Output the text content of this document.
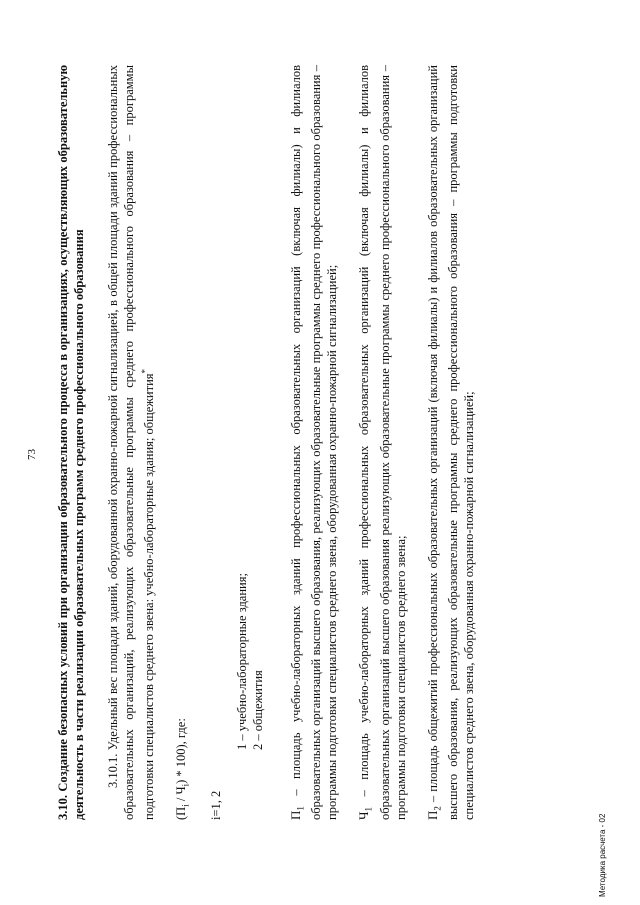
73 3.10. Создание безопасных условий при организации образовательного процесса в организациях, осуществляющих образовательную деятельность в части реализации образовательных программ среднего профессионального образования 3.10.1. Удельный вес площади зданий, оборудованной охранно-пожарной сигнализацией, в общей площади зданий профессиональных образовательных организаций, реализующих образовательные программы среднего профессионального образования – программы подготовки специалистов среднего звена: учебно-лабораторные здания; общежития*

$(П_i / Ч_i) * 100$), где:
i=1, 2
1 – учебно-лабораторные здания; 2 – общежития
$П_1$ – площадь учебно-лабораторных зданий профессиональных образовательных организаций (включая филиалы) и филиалов образовательных организаций высшего образования, реализующих образовательные программы среднего профессионального образования – программы подготовки специалистов среднего звена, оборудованная охранно-пожарной сигнализацией; $Ч_1$ – площадь учебно-лабораторных зданий профессиональных образовательных организаций (включая филиалы) и филиалов образовательных организаций высшего образования реализующих образовательные программы среднего профессионального образования – программы подготовки специалистов среднего звена; $П_2$ – площадь общежитий профессиональных образовательных организаций (включая филиалы) и филиалов образовательных организаций высшего образования, реализующих образовательные программы среднего профессионального образования – программы подготовки специалистов среднего звена, оборудованная охранно-пожарной сигнализацией;
Методика расчета - 02
